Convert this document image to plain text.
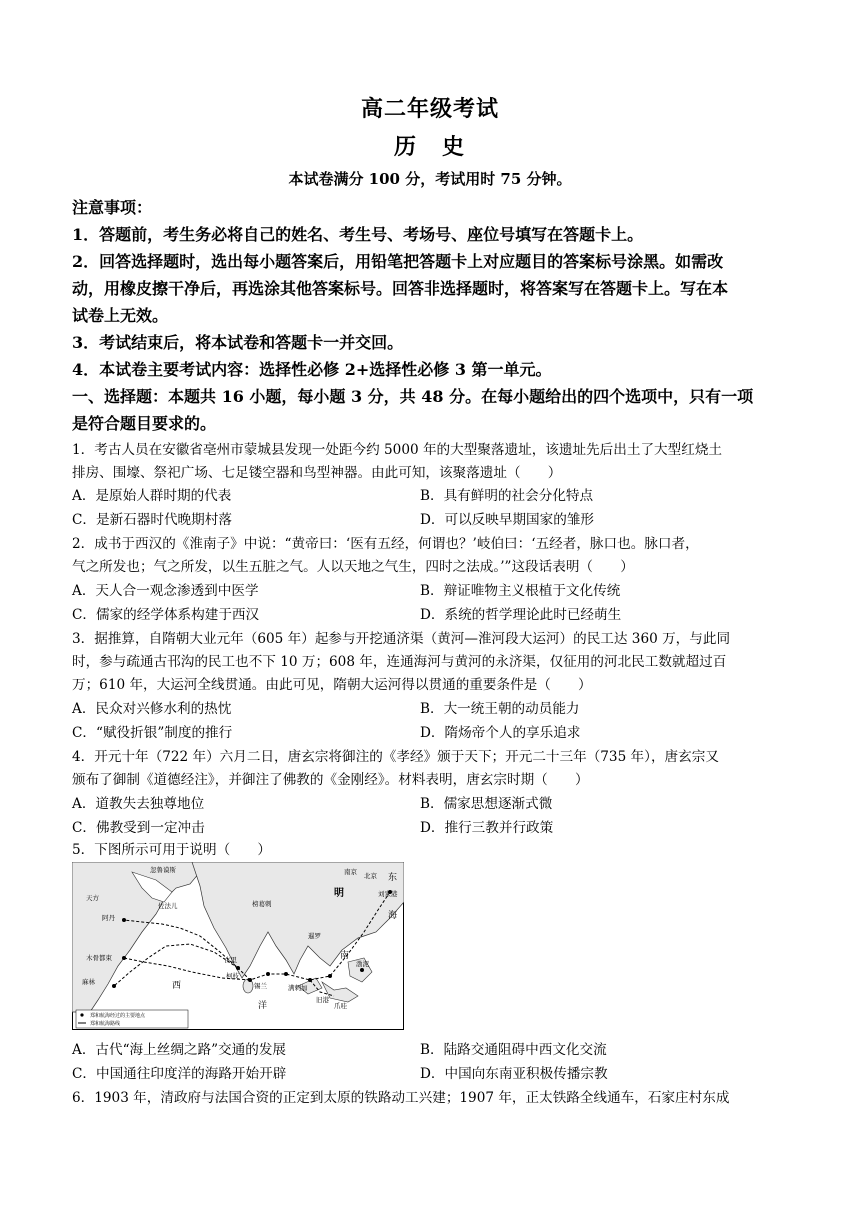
高二年级考试
历　史
本试卷满分 100 分，考试用时 75 分钟。
注意事项：
1．答题前，考生务必将自己的姓名、考生号、考场号、座位号填写在答题卡上。
2．回答选择题时，选出每小题答案后，用铅笔把答题卡上对应题目的答案标号涂黑。如需改
动，用橡皮擦干净后，再选涂其他答案标号。回答非选择题时，将答案写在答题卡上。写在本
试卷上无效。
3．考试结束后，将本试卷和答题卡一并交回。
4．本试卷主要考试内容：选择性必修 2+选择性必修 3 第一单元。
一、选择题：本题共 16 小题，每小题 3 分，共 48 分。在每小题给出的四个选项中，只有一项
是符合题目要求的。
1．考古人员在安徽省亳州市蒙城县发现一处距今约 5000 年的大型聚落遗址，该遗址先后出土了大型红烧土
排房、围壕、祭祀广场、七足镂空器和鸟型神器。由此可知，该聚落遗址（　　）
A．是原始人群时期的代表	B．具有鲜明的社会分化特点
C．是新石器时代晚期村落	D．可以反映早期国家的雏形
2．成书于西汉的《淮南子》中说：“黄帝曰：‘医有五经，何谓也？’岐伯曰：‘五经者，脉口也。脉口者，
气之所发也；气之所发，以生五脏之气。人以天地之气生，四时之法成。’”这段话表明（　　）
A．天人合一观念渗透到中医学	B．辩证唯物主义根植于文化传统
C．儒家的经学体系构建于西汉	D．系统的哲学理论此时已经萌生
3．据推算，自隋朝大业元年（605 年）起参与开挖通济渠（黄河—淮河段大运河）的民工达 360 万，与此同
时，参与疏通古邗沟的民工也不下 10 万；608 年，连通海河与黄河的永济渠，仅征用的河北民工数就超过百
万；610 年，大运河全线贯通。由此可见，隋朝大运河得以贯通的重要条件是（　　）
A．民众对兴修水利的热忱	B．大一统王朝的动员能力
C．“赋役折银”制度的推行	D．隋炀帝个人的享乐追求
4．开元十年（722 年）六月二日，唐玄宗将御注的《孝经》颁于天下；开元二十三年（735 年），唐玄宗又
颁布了御制《道德经注》，并御注了佛教的《金刚经》。材料表明，唐玄宗时期（　　）
A．道教失去独尊地位	B．儒家思想逐渐式微
C．佛教受到一定冲击	D．推行三教并行政策
5．下图所示可用于说明（　　）
南京 北京
明	刘家港
东
海
天方
阿丹
木骨都束
麻林
忽鲁谟斯
佐法儿	榜葛剌
古里
柯枝
锡兰
暹罗
满剌加
旧港
爪哇
渤泥
南
西
洋
郑和航海经过的主要地点
郑和航海路线
A．古代“海上丝绸之路”交通的发展	B．陆路交通阻碍中西文化交流
C．中国通往印度洋的海路开始开辟	D．中国向东南亚积极传播宗教
6．1903 年，清政府与法国合资的正定到太原的铁路动工兴建；1907 年，正太铁路全线通车，石家庄村东成
